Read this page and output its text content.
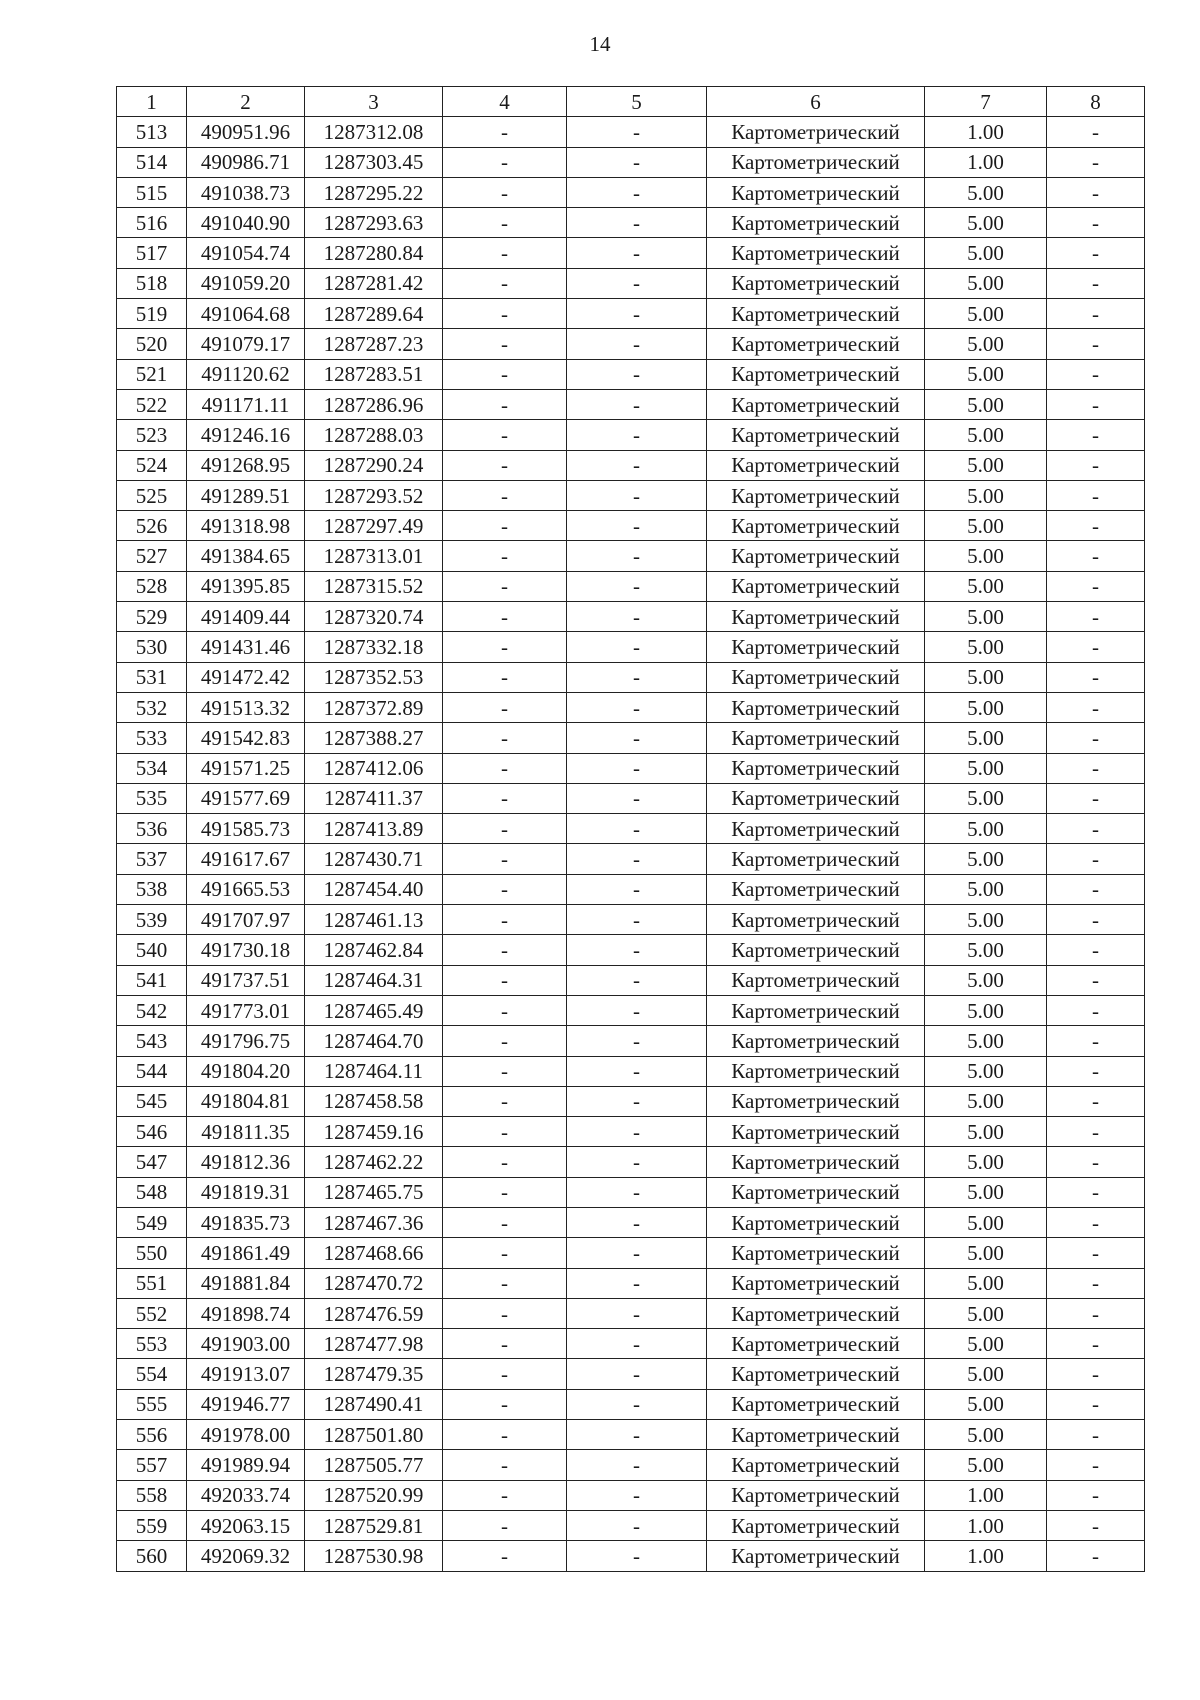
14
1	2	3	4	5	6	7	8
513	490951.96	1287312.08	-	-	Картометрический	1.00	-
514	490986.71	1287303.45	-	-	Картометрический	1.00	-
515	491038.73	1287295.22	-	-	Картометрический	5.00	-
516	491040.90	1287293.63	-	-	Картометрический	5.00	-
517	491054.74	1287280.84	-	-	Картометрический	5.00	-
518	491059.20	1287281.42	-	-	Картометрический	5.00	-
519	491064.68	1287289.64	-	-	Картометрический	5.00	-
520	491079.17	1287287.23	-	-	Картометрический	5.00	-
521	491120.62	1287283.51	-	-	Картометрический	5.00	-
522	491171.11	1287286.96	-	-	Картометрический	5.00	-
523	491246.16	1287288.03	-	-	Картометрический	5.00	-
524	491268.95	1287290.24	-	-	Картометрический	5.00	-
525	491289.51	1287293.52	-	-	Картометрический	5.00	-
526	491318.98	1287297.49	-	-	Картометрический	5.00	-
527	491384.65	1287313.01	-	-	Картометрический	5.00	-
528	491395.85	1287315.52	-	-	Картометрический	5.00	-
529	491409.44	1287320.74	-	-	Картометрический	5.00	-
530	491431.46	1287332.18	-	-	Картометрический	5.00	-
531	491472.42	1287352.53	-	-	Картометрический	5.00	-
532	491513.32	1287372.89	-	-	Картометрический	5.00	-
533	491542.83	1287388.27	-	-	Картометрический	5.00	-
534	491571.25	1287412.06	-	-	Картометрический	5.00	-
535	491577.69	1287411.37	-	-	Картометрический	5.00	-
536	491585.73	1287413.89	-	-	Картометрический	5.00	-
537	491617.67	1287430.71	-	-	Картометрический	5.00	-
538	491665.53	1287454.40	-	-	Картометрический	5.00	-
539	491707.97	1287461.13	-	-	Картометрический	5.00	-
540	491730.18	1287462.84	-	-	Картометрический	5.00	-
541	491737.51	1287464.31	-	-	Картометрический	5.00	-
542	491773.01	1287465.49	-	-	Картометрический	5.00	-
543	491796.75	1287464.70	-	-	Картометрический	5.00	-
544	491804.20	1287464.11	-	-	Картометрический	5.00	-
545	491804.81	1287458.58	-	-	Картометрический	5.00	-
546	491811.35	1287459.16	-	-	Картометрический	5.00	-
547	491812.36	1287462.22	-	-	Картометрический	5.00	-
548	491819.31	1287465.75	-	-	Картометрический	5.00	-
549	491835.73	1287467.36	-	-	Картометрический	5.00	-
550	491861.49	1287468.66	-	-	Картометрический	5.00	-
551	491881.84	1287470.72	-	-	Картометрический	5.00	-
552	491898.74	1287476.59	-	-	Картометрический	5.00	-
553	491903.00	1287477.98	-	-	Картометрический	5.00	-
554	491913.07	1287479.35	-	-	Картометрический	5.00	-
555	491946.77	1287490.41	-	-	Картометрический	5.00	-
556	491978.00	1287501.80	-	-	Картометрический	5.00	-
557	491989.94	1287505.77	-	-	Картометрический	5.00	-
558	492033.74	1287520.99	-	-	Картометрический	1.00	-
559	492063.15	1287529.81	-	-	Картометрический	1.00	-
560	492069.32	1287530.98	-	-	Картометрический	1.00	-
